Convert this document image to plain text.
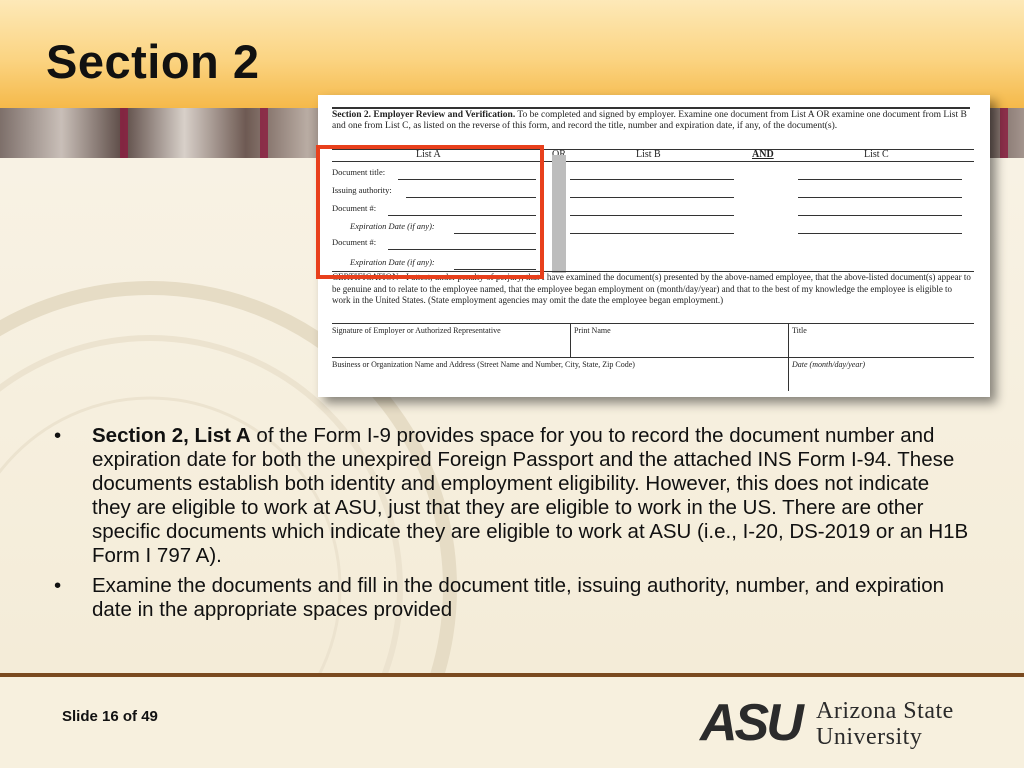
Section 2
Section 2. Employer Review and Verification. To be completed and signed by employer. Examine one document from List A OR examine one document from List B and one from List C, as listed on the reverse of this form, and record the title, number and expiration date, if any, of the document(s).
List A	List B	AND	List C
Document title:
Issuing authority:
Document #:
Expiration Date (if any):
Document #:
Expiration Date (if any):
CERTIFICATION - I attest, under penalty of perjury, that I have examined the document(s) presented by the above-named employee, that the above-listed document(s) appear to be genuine and to relate to the employee named, that the employee began employment on (month/day/year) and that to the best of my knowledge the employee is eligible to work in the United States. (State employment agencies may omit the date the employee began employment.)
Signature of Employer or Authorized Representative	Print Name	Title
Business or Organization Name and Address (Street Name and Number, City, State, Zip Code)	Date (month/day/year)
• Section 2, List A of the Form I-9 provides space for you to record the document number and expiration date for both the unexpired Foreign Passport and the attached INS Form I-94. These documents establish both identity and employment eligibility. However, this does not indicate they are eligible to work at ASU, just that they are eligible to work in the US. There are other specific documents which indicate they are eligible to work at ASU (i.e., I-20, DS-2019 or an H1B Form I 797 A).
• Examine the documents and fill in the document title, issuing authority, number, and expiration date in the appropriate spaces provided
Slide 16 of 49	ASU Arizona State
University
